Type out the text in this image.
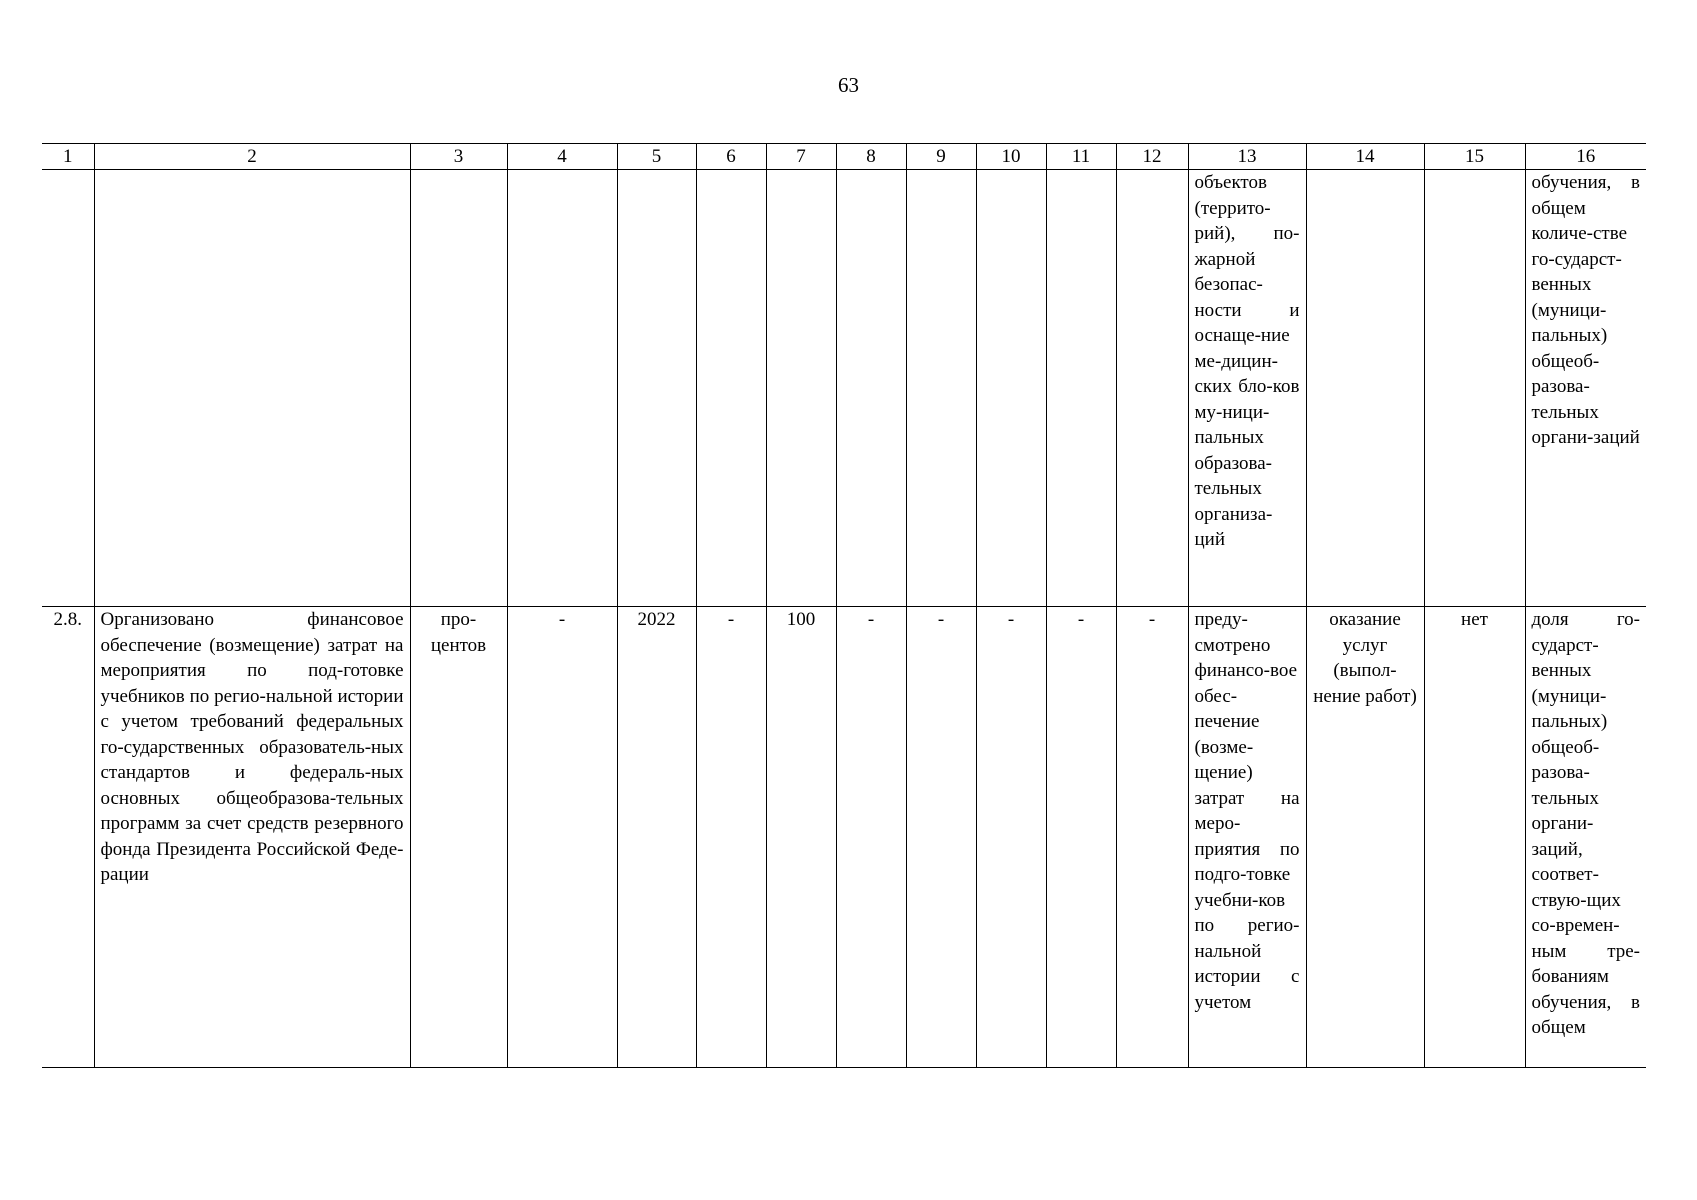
63
1	2	3	4	5	6	7	8	9	10	11	12	13	14	15	16
												объектов (террито-рий), по-жарной безопас-ности и оснаще-ние ме-дицин-ских бло-ков му-ници-пальных образова-тельных организа-ций			обучения, в общем количе-стве го-сударст-венных (муници-пальных) общеоб-разова-тельных органи-заций
2.8.	Организовано финансовое обеспечение (возмещение) затрат на мероприятия по под-готовке учебников по регио-нальной истории с учетом требований федеральных го-сударственных образователь-ных стандартов и федераль-ных основных общеобразова-тельных программ за счет средств резервного фонда Президента Российской Феде-рации	про-центов	-	2022	-	100	-	-	-	-	-	преду-смотрено финансо-вое обес-печение (возме-щение) затрат на меро-приятия по подго-товке учебни-ков по регио-нальной истории с учетом	оказание услуг (выпол-нение работ)	нет	доля го-сударст-венных (муници-пальных) общеоб-разова-тельных органи-заций, соответ-ствую-щих со-времен-ным тре-бованиям обучения, в общем
